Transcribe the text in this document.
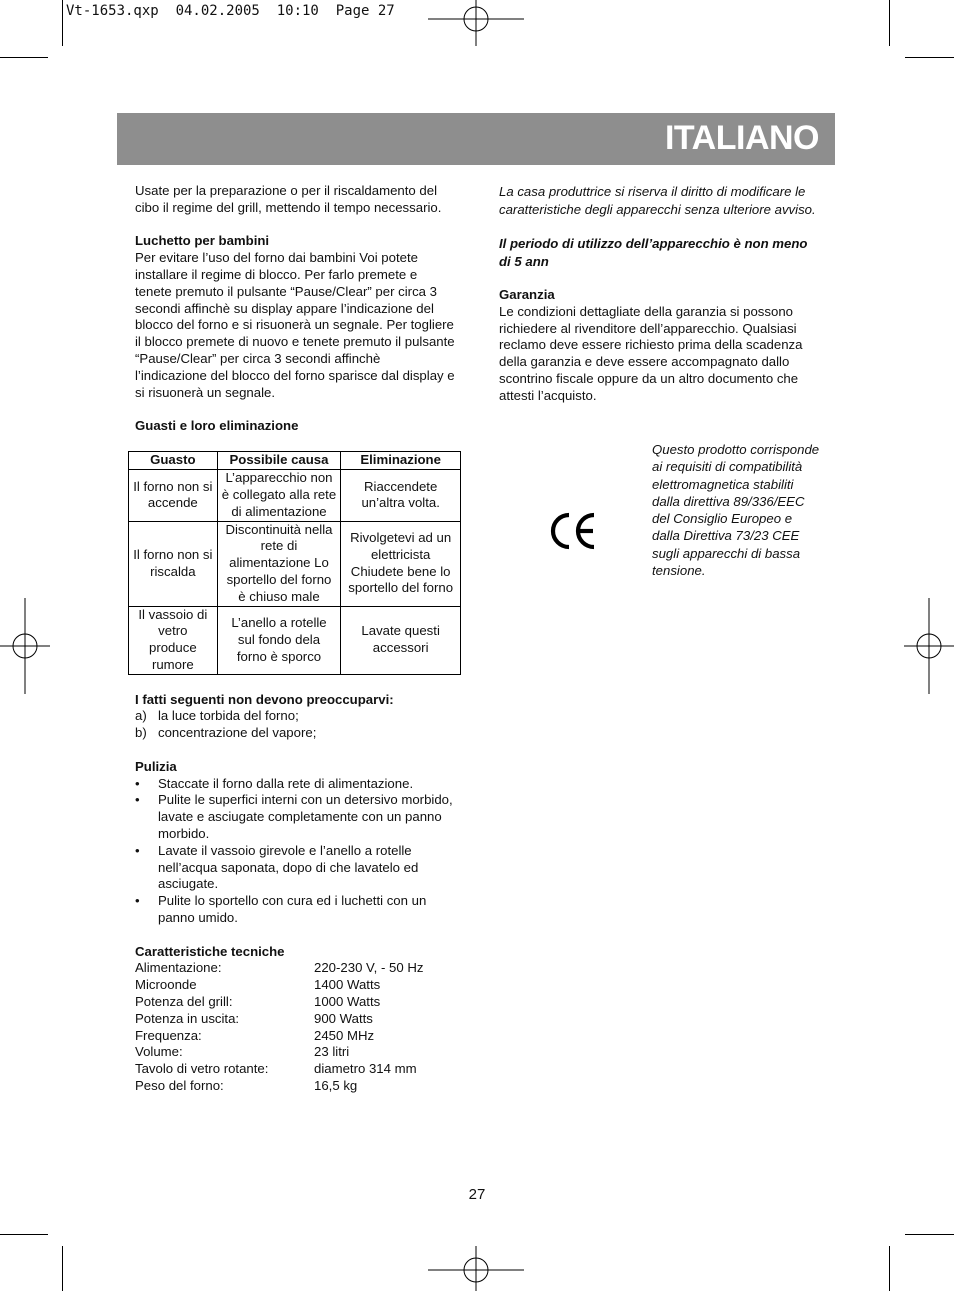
Vt-1653.qxp  04.02.2005  10:10  Page 27
ITALIANO

Usate per la preparazione o per il riscaldamento del cibo il regime del grill, mettendo il tempo necessario.

Luchetto per bambini

Per evitare l’uso del forno dai bambini Voi potete installare il regime di blocco. Per farlo premete e tenete premuto il pulsante “Pause/Clear” per circa 3 secondi affinchè su display appare l’indicazione del blocco del forno e si risuonerà un segnale. Per togliere il blocco premete di nuovo e tenete premuto il pulsante “Pause/Clear” per circa 3 secondi affinchè l’indicazione del blocco del forno sparisce dal display e si risuonerà un segnale.

Guasti e loro eliminazione
Guasto	Possibile causa	Eliminazione
Il forno non si accende	L’apparecchio non è collegato alla rete di alimentazione	Riaccendete un’altra volta.
Il forno non si riscalda	Discontinuità nella rete di alimentazione Lo sportello del forno è chiuso male	Rivolgetevi ad un elettricista Chiudete bene lo sportello del forno
Il vassoio di vetro produce rumore	L’anello a rotelle sul fondo dela forno è sporco	Lavate questi accessori
I fatti seguenti non devono preoccuparvi:
a) la luce torbida del forno;
b) concentrazione del vapore;
Pulizia
• Staccate il forno dalla rete di alimentazione.
• Pulite le superfici interni con un detersivo morbido, lavate e asciugate completamente con un panno morbido.
• Lavate il vassoio girevole e l’anello a rotelle nell’acqua saponata, dopo di che lavatelo ed asciugate.
• Pulite lo sportello con cura ed i luchetti con un panno umido.
Caratteristiche tecniche
Alimentazione:	220-230 V, - 50 Hz
Microonde	1400 Watts
Potenza del grill:	1000 Watts
Potenza in uscita:	900 Watts
Frequenza:	2450 MHz
Volume:	23 litri
Tavolo di vetro rotante:	diametro 314 mm
Peso del forno:	16,5 kg

La casa produttrice si riserva il diritto di modificare le caratteristiche degli apparecchi senza ulteriore avviso.

Il periodo di utilizzo dell’apparecchio è non meno di 5 ann

Garanzia

Le condizioni dettagliate della garanzia si possono richiedere al rivenditore dell’apparecchio. Qualsiasi reclamo deve essere richiesto prima della scadenza della garanzia e deve essere accompagnato dallo scontrino fiscale oppure da un altro documento che attesti l’acquisto.

Questo prodotto corrisponde ai requisiti di compatibilità elettromagnetica stabiliti dalla direttiva 89/336/EEC del Consiglio Europeo e dalla Direttiva 73/23 CEE sugli apparecchi di bassa tensione.
27
